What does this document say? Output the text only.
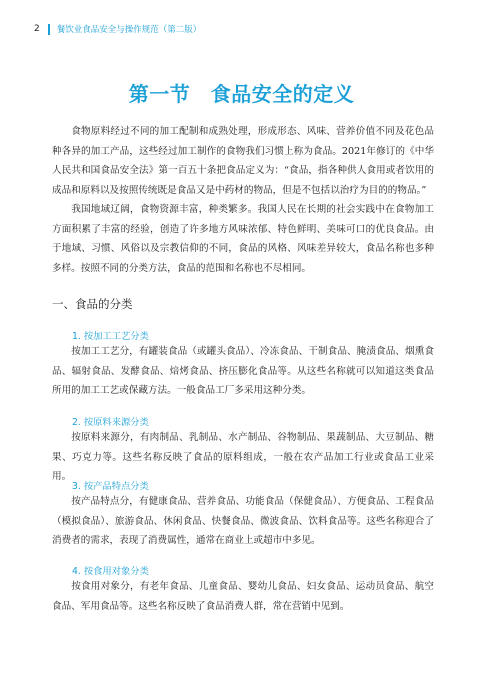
2 餐饮业食品安全与操作规范（第二版）
第一节　食品安全的定义

食物原料经过不同的加工配制和成熟处理，形成形态、风味、营养价值不同及花色品种各异的加工产品，这些经过加工制作的食物我们习惯上称为食品。2021年修订的《中华人民共和国食品安全法》第一百五十条把食品定义为：“食品，指各种供人食用或者饮用的成品和原料以及按照传统既是食品又是中药材的物品，但是不包括以治疗为目的的物品。”

我国地域辽阔，食物资源丰富，种类繁多。我国人民在长期的社会实践中在食物加工方面积累了丰富的经验，创造了许多地方风味浓郁、特色鲜明、美味可口的优良食品。由于地域、习惯、风俗以及宗教信仰的不同，食品的风格、风味差异较大，食品名称也多种多样。按照不同的分类方法，食品的范围和名称也不尽相同。

一、食品的分类
1. 按加工工艺分类

按加工工艺分，有罐装食品（或罐头食品）、冷冻食品、干制食品、腌渍食品、烟熏食品、辐射食品、发酵食品、焙烤食品、挤压膨化食品等。从这些名称就可以知道这类食品所用的加工工艺或保藏方法。一般食品工厂多采用这种分类。

2. 按原料来源分类

按原料来源分，有肉制品、乳制品、水产制品、谷物制品、果蔬制品、大豆制品、糖果、巧克力等。这些名称反映了食品的原料组成，一般在农产品加工行业或食品工业采用。

3. 按产品特点分类

按产品特点分，有健康食品、营养食品、功能食品（保健食品）、方便食品、工程食品（模拟食品）、旅游食品、休闲食品、快餐食品、微波食品、饮料食品等。这些名称迎合了消费者的需求，表现了消费属性，通常在商业上或超市中多见。

4. 按食用对象分类

按食用对象分，有老年食品、儿童食品、婴幼儿食品、妇女食品、运动员食品、航空食品、军用食品等。这些名称反映了食品消费人群，常在营销中见到。
